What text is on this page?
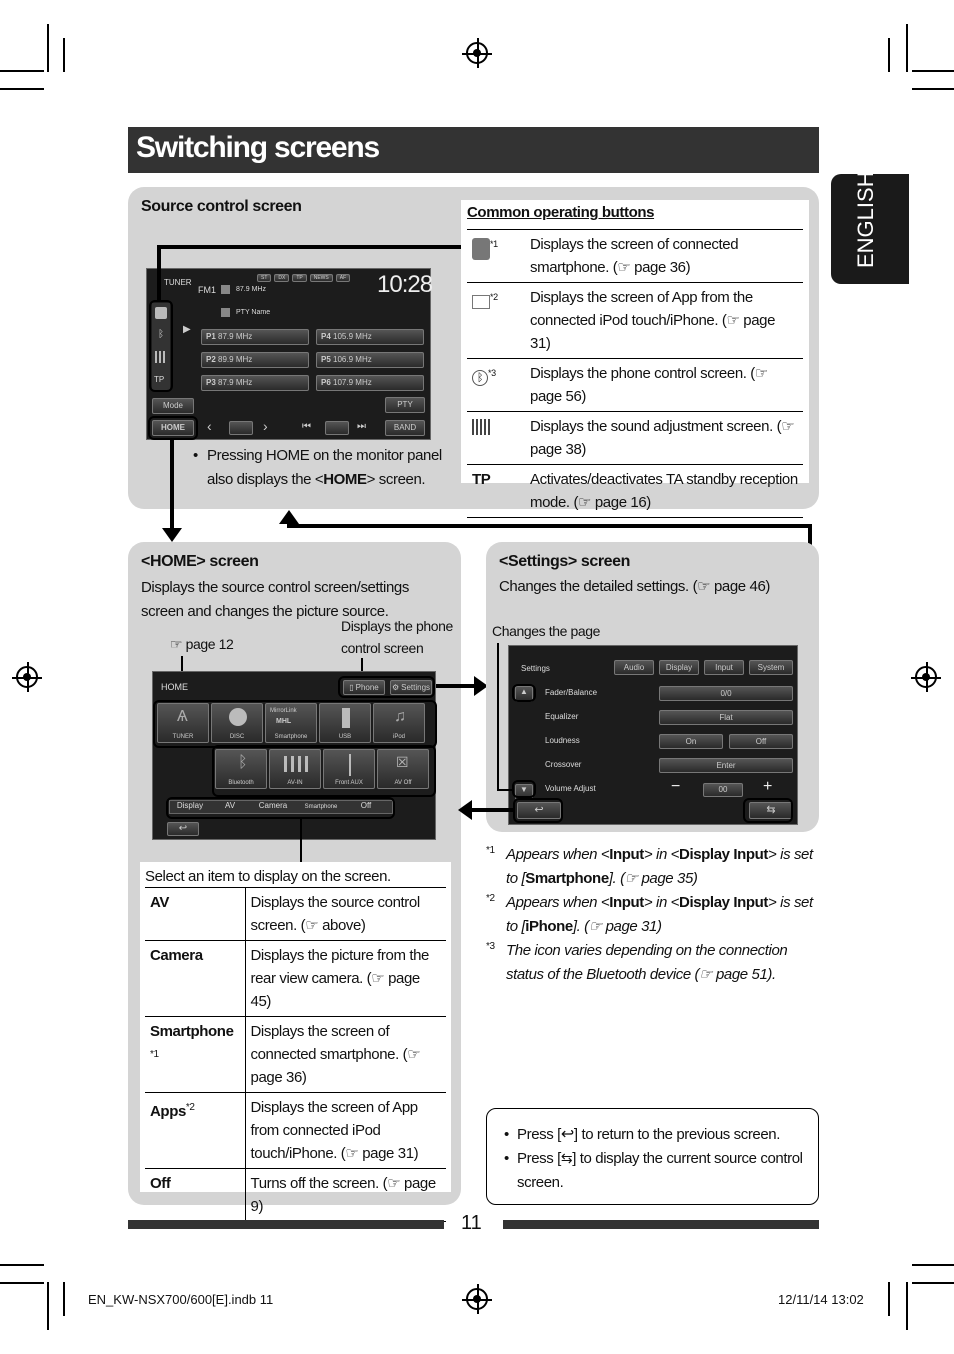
Switching screens
ENGLISH
Source control screen
TUNER
FM1	87.9 MHz
PTY Name
ST	DX	TP	NEWS	AF 10:28
ᛒ
TP
▶
P1 87.9 MHz
P2 89.9 MHz
P3 87.9 MHz
P4 105.9 MHz
P5 106.9 MHz
P6 107.9 MHz
Mode	PTY
HOME	‹	›	⏮	⏭	BAND
• Pressing HOME on the monitor panel also displays the <HOME> screen.
Common operating buttons
$^{*1}$	Displays the screen of connected smartphone. (☞ page 36)
$^{*2}$	Displays the screen of App from the connected iPod touch/iPhone. (☞ page 31)
ᛒ $^{*3}$	Displays the phone control screen. (☞ page 56)
	Displays the sound adjustment screen. (☞ page 38)
TP	Activates/deactivates TA standby reception mode. (☞ page 16)
<HOME> screen
Displays the source control screen/settings screen and changes the picture source.
☞ page 12
Displays the phone control screen
HOME	▯ Phone	⚙ Settings
Ѧ
TUNER	DISC
MirrorLink
MHL
Smartphone	USB
♫
iPod
ᛒ
Bluetooth	AV-IN	Front AUX
☒
AV Off
Display	AV	Camera	Smartphone	Off
↩
Select an item to display on the screen.
AV	Displays the source control screen. (☞ above)
Camera	Displays the picture from the rear view camera. (☞ page 45)
Smartphone $^{*1}$	Displays the screen of connected smartphone. (☞ page 36)
Apps$^{*2}$	Displays the screen of App from connected iPod touch/iPhone. (☞ page 31)
Off	Turns off the screen. (☞ page 9)
<Settings> screen
Changes the detailed settings. (☞ page 46)
Changes the page
Settings	Audio	Display	Input	System
▲
▼
Fader/Balance	0/0
Equalizer	Flat
Loudness	On	Off
Crossover	Enter
Volume Adjust	−	00	+
↩	⇆
*1 Appears when <Input> in <Display Input> is set to [Smartphone]. (☞ page 35)
*2 Appears when <Input> in <Display Input> is set to [iPhone]. (☞ page 31)
*3 The icon varies depending on the connection status of the Bluetooth device (☞ page 51).
• Press [↩] to return to the previous screen.
• Press [⇆] to display the current source control screen.
11
EN_KW-NSX700/600[E].indb 11	12/11/14 13:02
